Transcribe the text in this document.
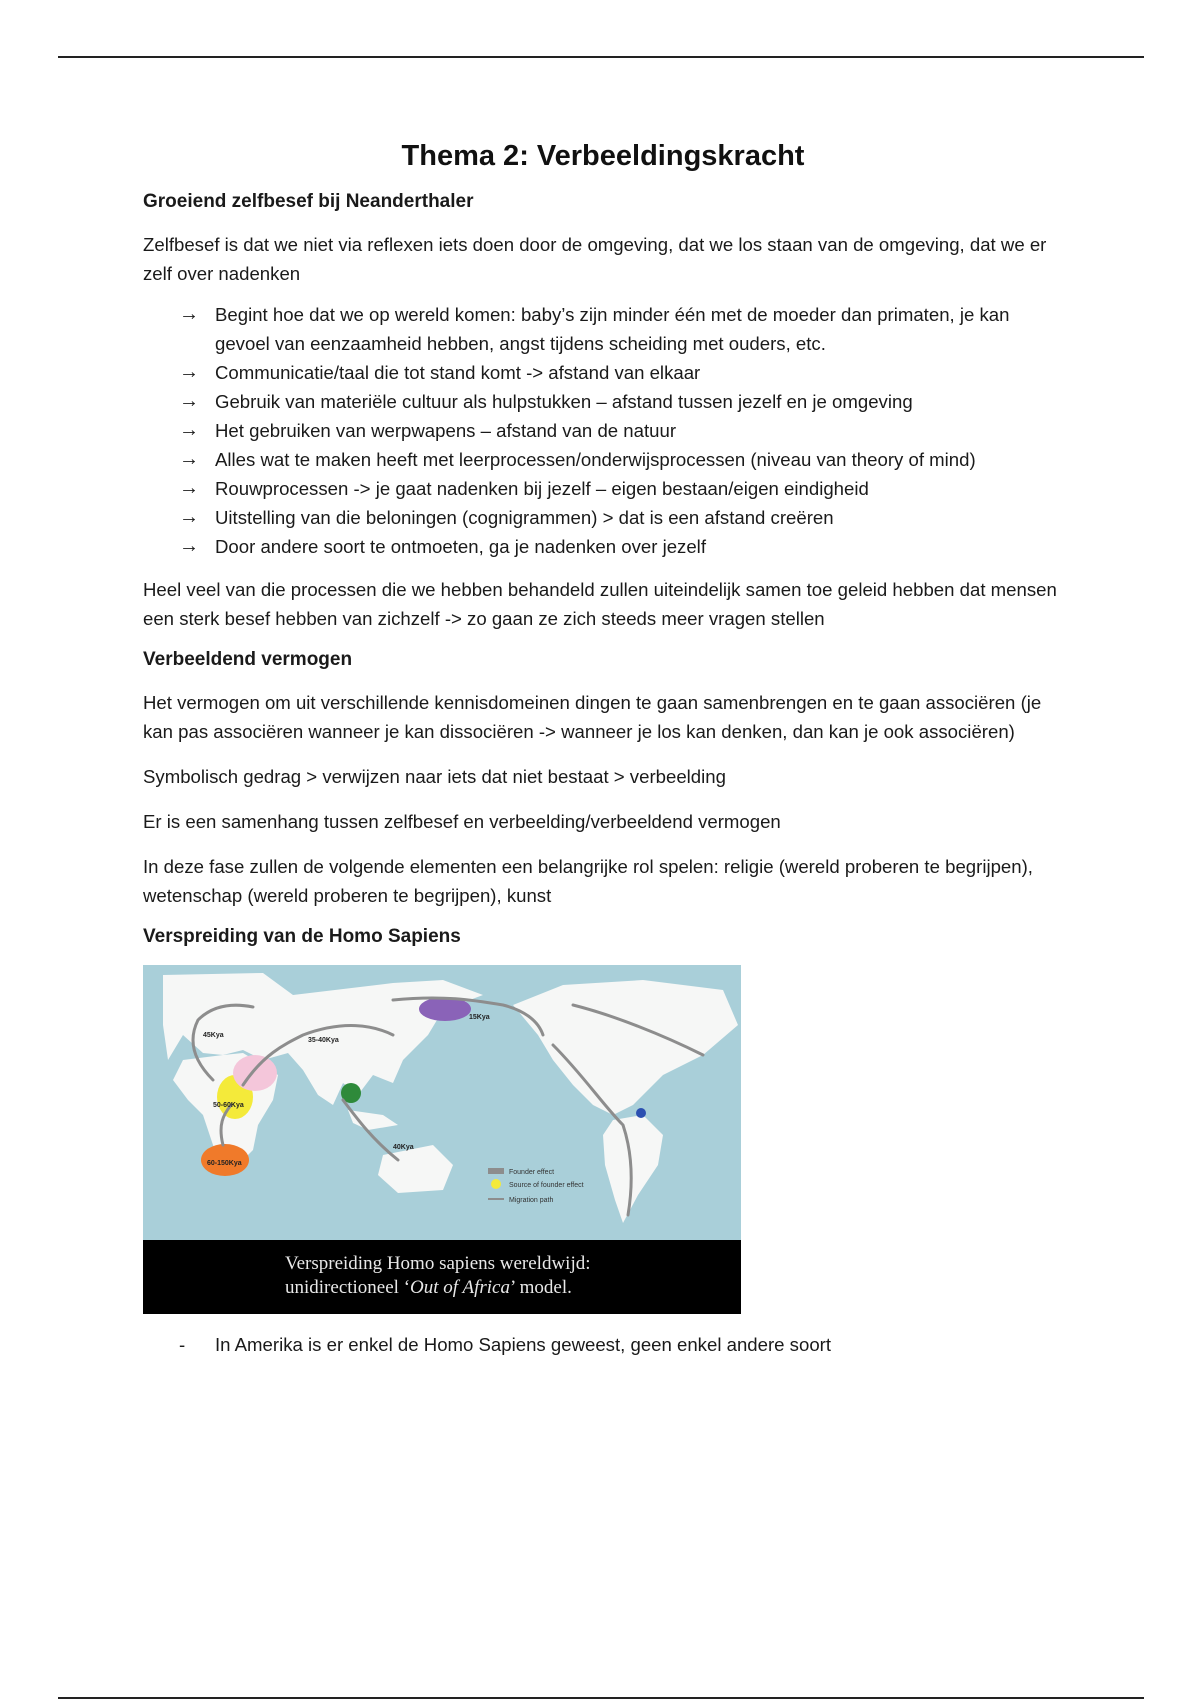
Thema 2: Verbeeldingskracht
Groeiend zelfbesef bij Neanderthaler

Zelfbesef is dat we niet via reflexen iets doen door de omgeving, dat we los staan van de omgeving, dat we er zelf over nadenken

→ Begint hoe dat we op wereld komen: baby’s zijn minder één met de moeder dan primaten, je kan gevoel van eenzaamheid hebben, angst tijdens scheiding met ouders, etc.
→ Communicatie/taal die tot stand komt -> afstand van elkaar
→ Gebruik van materiële cultuur als hulpstukken – afstand tussen jezelf en je omgeving
→ Het gebruiken van werpwapens – afstand van de natuur
→ Alles wat te maken heeft met leerprocessen/onderwijsprocessen (niveau van theory of mind)
→ Rouwprocessen -> je gaat nadenken bij jezelf – eigen bestaan/eigen eindigheid
→ Uitstelling van die beloningen (cognigrammen) > dat is een afstand creëren
→ Door andere soort te ontmoeten, ga je nadenken over jezelf

Heel veel van die processen die we hebben behandeld zullen uiteindelijk samen toe geleid hebben dat mensen een sterk besef hebben van zichzelf -> zo gaan ze zich steeds meer vragen stellen

Verbeeldend vermogen

Het vermogen om uit verschillende kennisdomeinen dingen te gaan samenbrengen en te gaan associëren (je kan pas associëren wanneer je kan dissociëren -> wanneer je los kan denken, dan kan je ook associëren)

Symbolisch gedrag > verwijzen naar iets dat niet bestaat > verbeelding

Er is een samenhang tussen zelfbesef en verbeelding/verbeeldend vermogen

In deze fase zullen de volgende elementen een belangrijke rol spelen: religie (wereld proberen te begrijpen), wetenschap (wereld proberen te begrijpen), kunst

Verspreiding van de Homo Sapiens
45Kya
35-40Kya
15Kya
50-60Kya
60-150Kya
40Kya
Founder effect
Source of founder effect
Migration path
Verspreiding Homo sapiens wereldwijd:
unidirectioneel ‘Out of Africa’ model.
- In Amerika is er enkel de Homo Sapiens geweest, geen enkel andere soort
